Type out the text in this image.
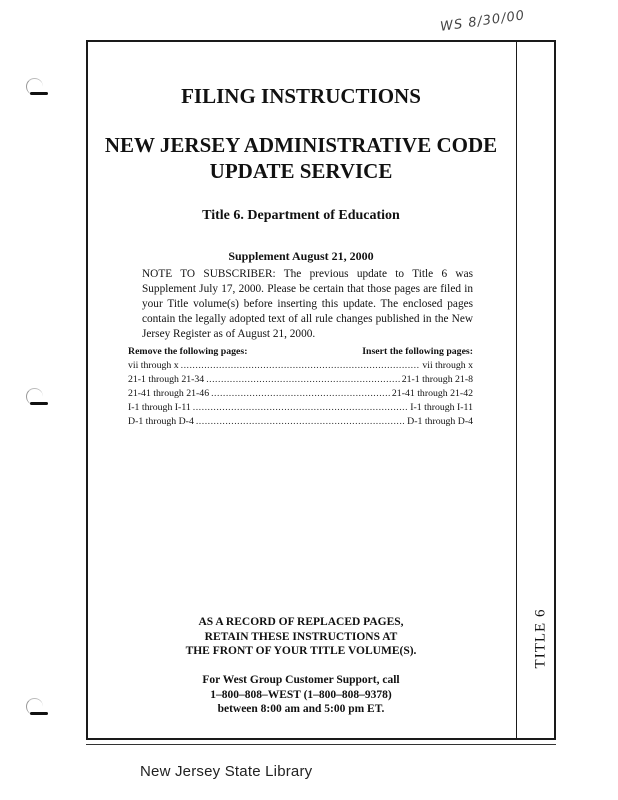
WS 8/30/00
TITLE 6
FILING INSTRUCTIONS
NEW JERSEY ADMINISTRATIVE CODE
UPDATE SERVICE
Title 6. Department of Education
Supplement August 21, 2000
NOTE TO SUBSCRIBER: The previous update to Title 6 was Supplement July 17, 2000. Please be certain that those pages are filed in your Title volume(s) before inserting this update. The enclosed pages contain the legally adopted text of all rule changes published in the New Jersey Register as of August 21, 2000.
Remove the following pages:	Insert the following pages:
vii through x .....	vii through x
21-1 through 21-34 .....	21-1 through 21-8
21-41 through 21-46 .....	21-41 through 21-42
I-1 through I-11 .....	I-1 through I-11
D-1 through D-4 .....	D-1 through D-4
AS A RECORD OF REPLACED PAGES,
RETAIN THESE INSTRUCTIONS AT
THE FRONT OF YOUR TITLE VOLUME(S).
For West Group Customer Support, call
1–800–808–WEST (1–800–808–9378)
between 8:00 am and 5:00 pm ET.
New Jersey State Library
